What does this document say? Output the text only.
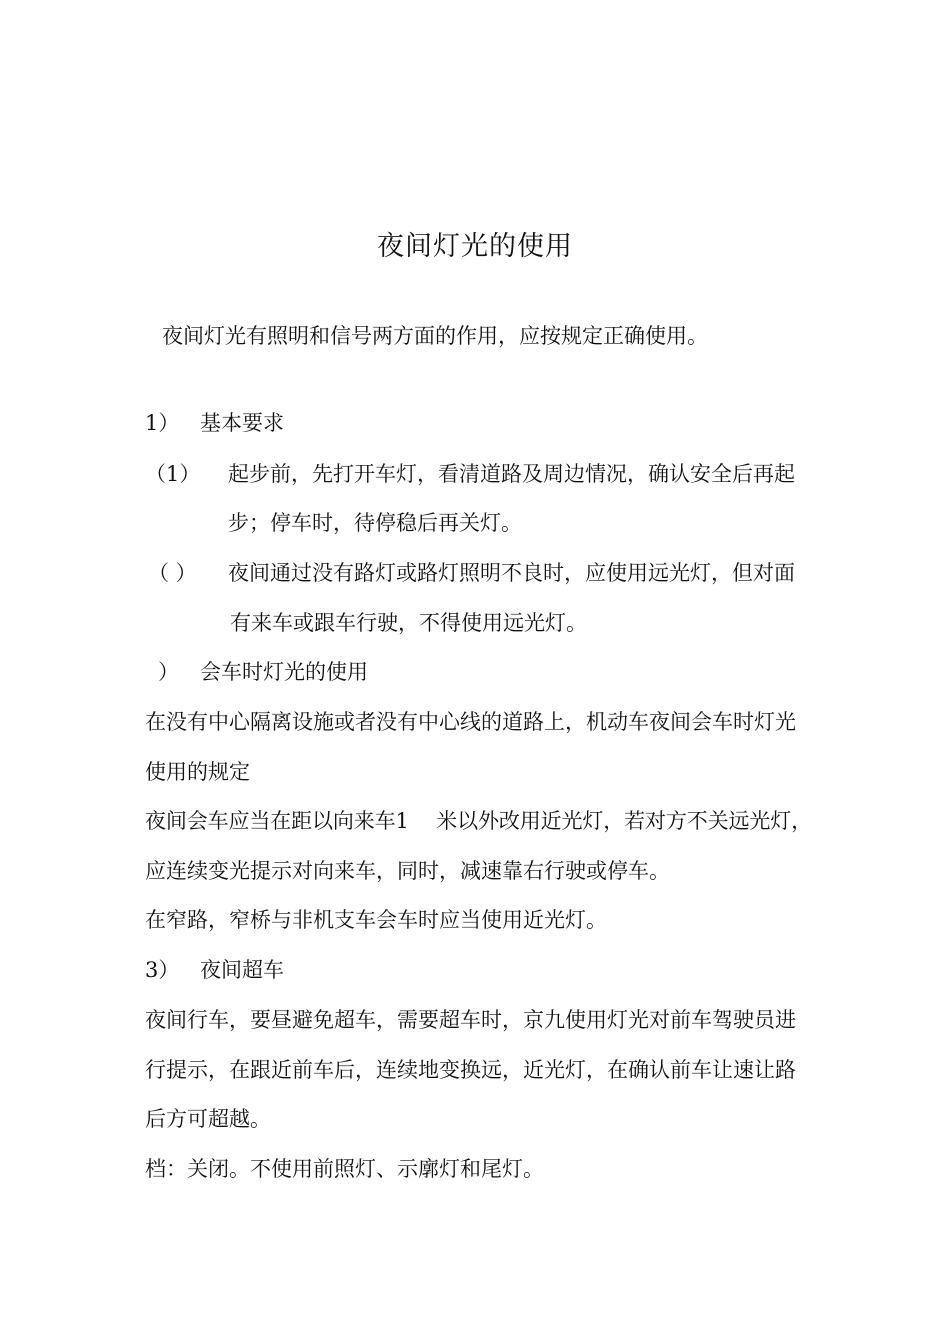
夜间灯光的使用
夜间灯光有照明和信号两方面的作用，应按规定正确使用。
1） 基本要求
（1） 起步前，先打开车灯，看清道路及周边情况，确认安全后再起
步；停车时，待停稳后再关灯。
（ ） 夜间通过没有路灯或路灯照明不良时，应使用远光灯，但对面
有来车或跟车行驶，不得使用远光灯。
） 会车时灯光的使用
在没有中心隔离设施或者没有中心线的道路上，机动车夜间会车时灯光
使用的规定
夜间会车应当在距以向来车1　 米以外改用近光灯，若对方不关远光灯，
应连续变光提示对向来车，同时，减速靠右行驶或停车。
在窄路，窄桥与非机支车会车时应当使用近光灯。
3） 夜间超车
夜间行车，要昼避免超车，需要超车时，京九使用灯光对前车驾驶员进
行提示，在跟近前车后，连续地变换远，近光灯，在确认前车让速让路
后方可超越。
档：关闭。不使用前照灯、示廓灯和尾灯。
